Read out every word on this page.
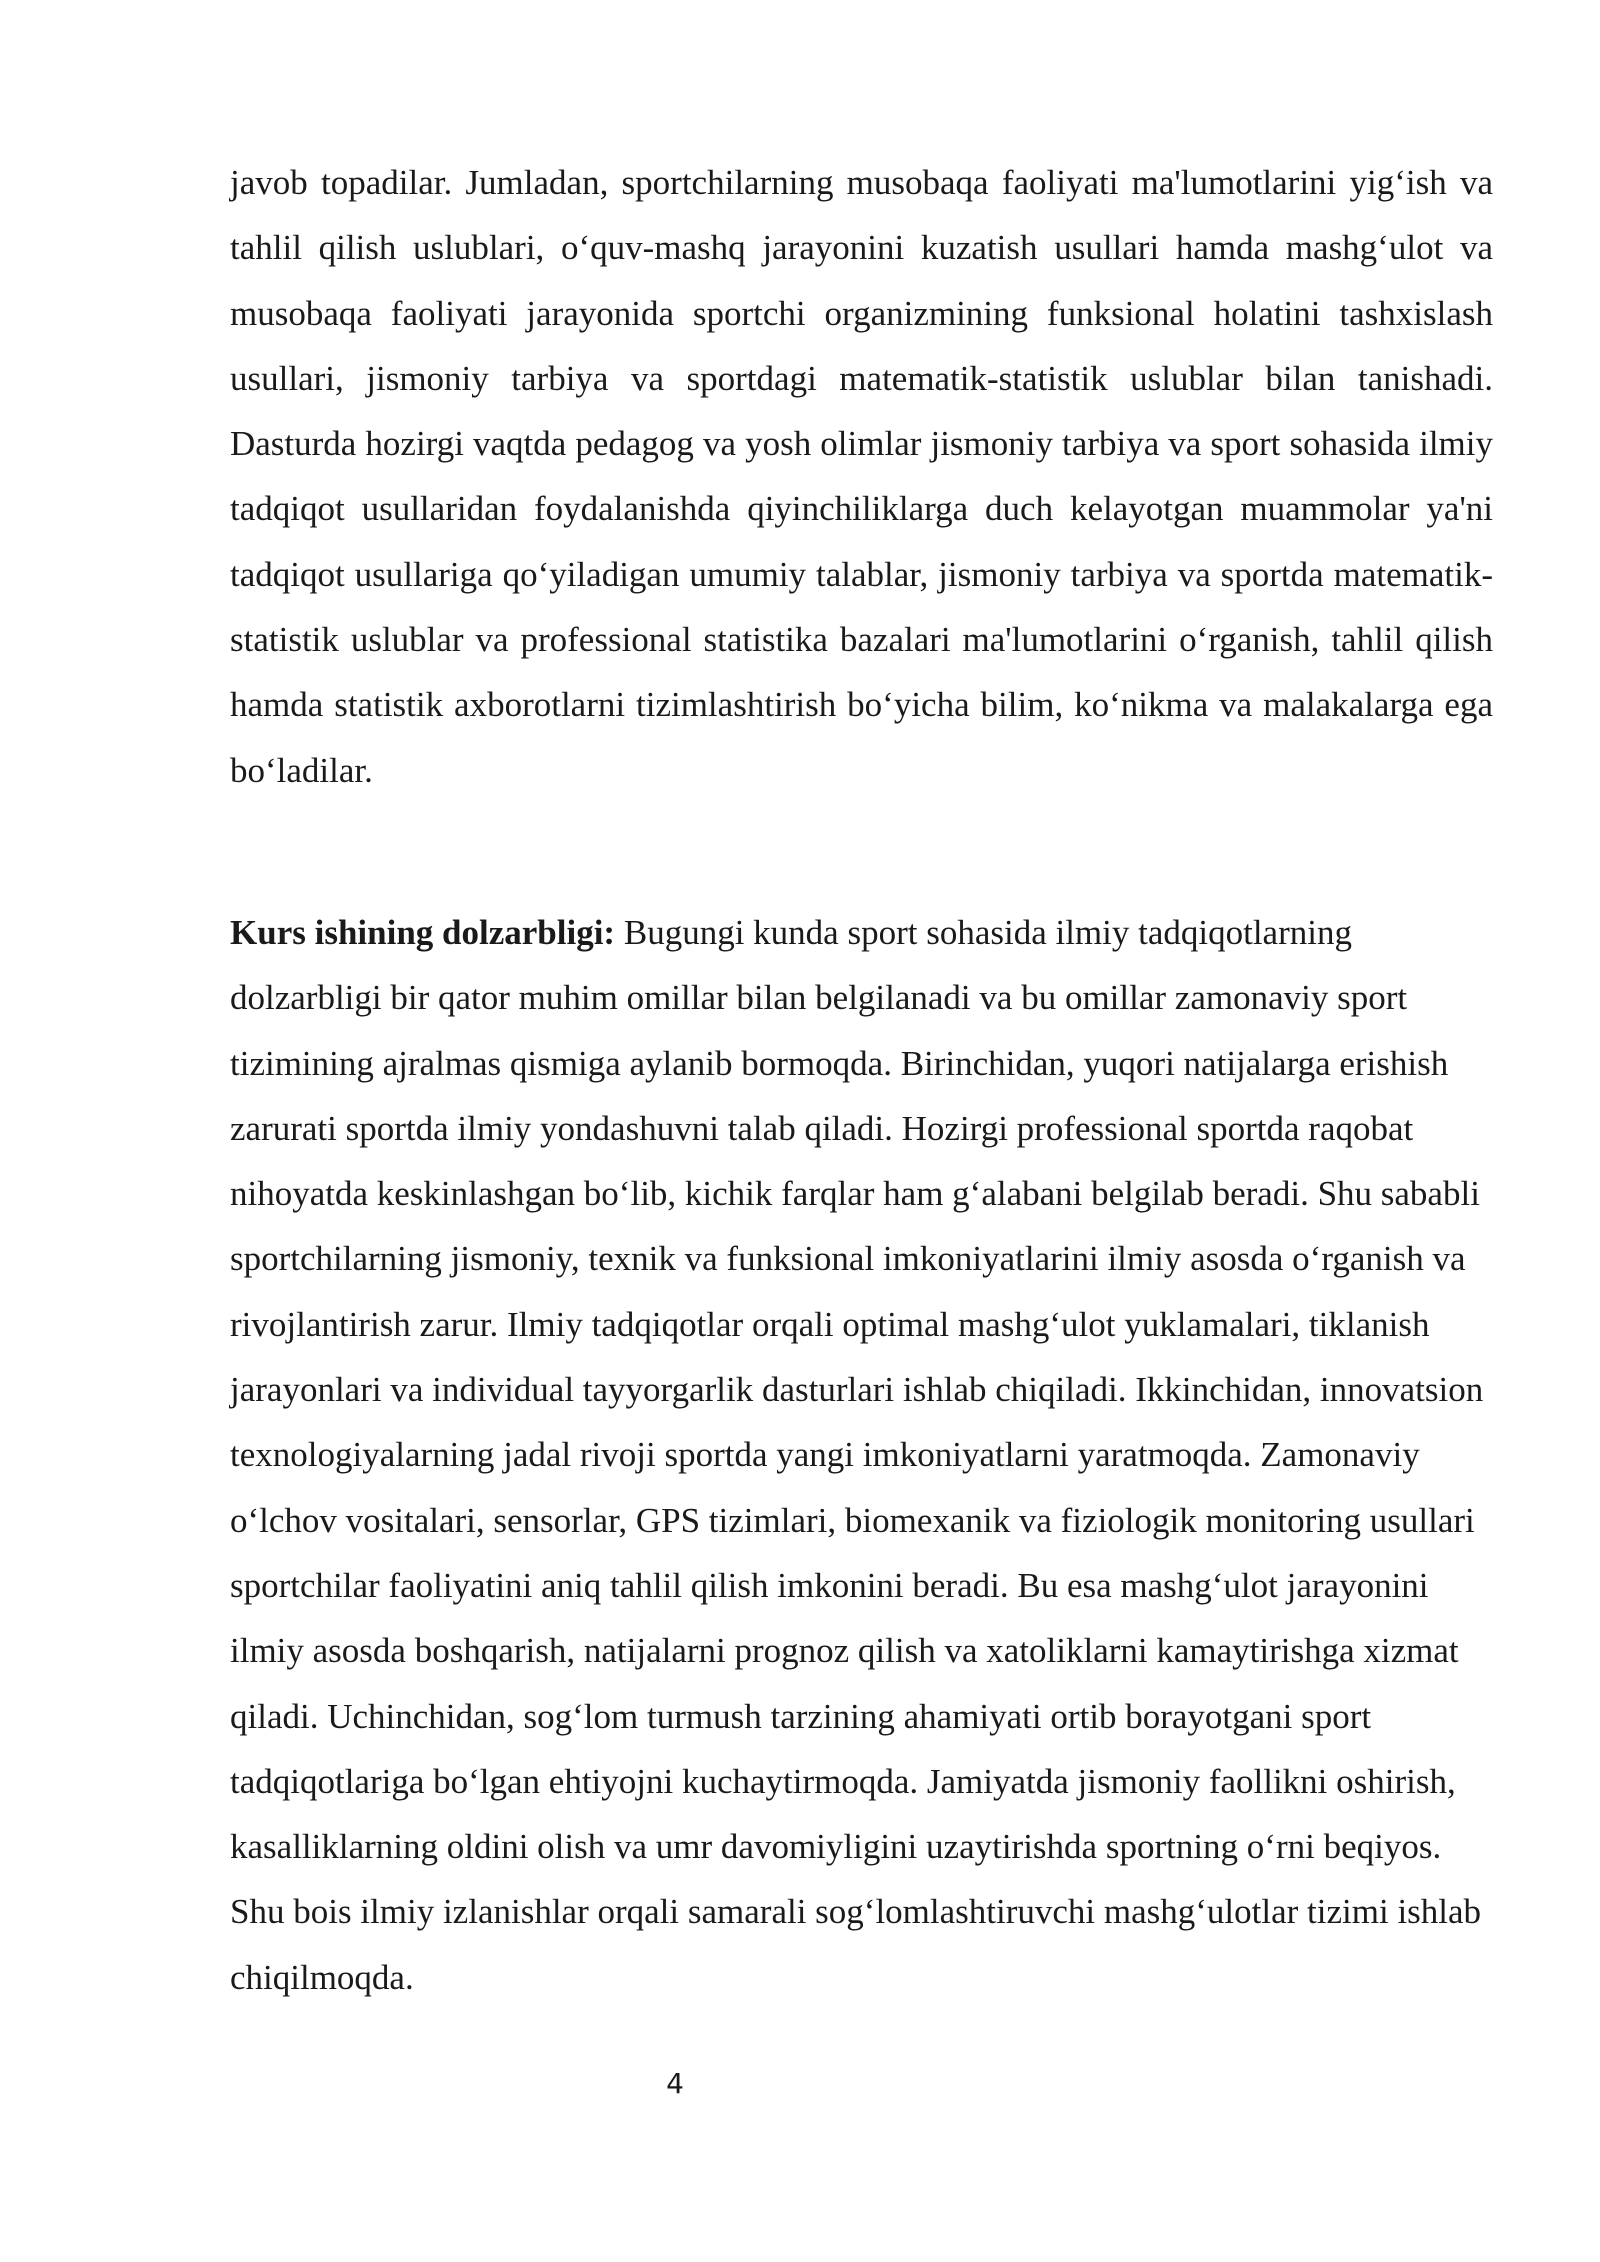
javob topadilar. Jumladan, sportchilarning musobaqa faoliyati ma'lumotlarini yig‘ish va tahlil qilish uslublari, o‘quv-mashq jarayonini kuzatish usullari hamda mashg‘ulot va musobaqa faoliyati jarayonida sportchi organizmining funksional holatini tashxislash usullari, jismoniy tarbiya va sportdagi matematik-statistik uslublar bilan tanishadi. Dasturda hozirgi vaqtda pedagog va yosh olimlar jismoniy tarbiya va sport sohasida ilmiy tadqiqot usullaridan foydalanishda qiyinchiliklarga duch kelayotgan muammolar ya'ni tadqiqot usullariga qo‘yiladigan umumiy talablar, jismoniy tarbiya va sportda matematik-statistik uslublar va professional statistika bazalari ma'lumotlarini o‘rganish, tahlil qilish hamda statistik axborotlarni tizimlashtirish bo‘yicha bilim, ko‘nikma va malakalarga ega bo‘ladilar.

Kurs ishining dolzarbligi: Bugungi kunda sport sohasida ilmiy tadqiqotlarning dolzarbligi bir qator muhim omillar bilan belgilanadi va bu omillar zamonaviy sport tizimining ajralmas qismiga aylanib bormoqda. Birinchidan, yuqori natijalarga erishish zarurati sportda ilmiy yondashuvni talab qiladi. Hozirgi professional sportda raqobat nihoyatda keskinlashgan bo‘lib, kichik farqlar ham g‘alabani belgilab beradi. Shu sababli sportchilarning jismoniy, texnik va funksional imkoniyatlarini ilmiy asosda o‘rganish va rivojlantirish zarur. Ilmiy tadqiqotlar orqali optimal mashg‘ulot yuklamalari, tiklanish jarayonlari va individual tayyorgarlik dasturlari ishlab chiqiladi. Ikkinchidan, innovatsion texnologiyalarning jadal rivoji sportda yangi imkoniyatlarni yaratmoqda. Zamonaviy o‘lchov vositalari, sensorlar, GPS tizimlari, biomexanik va fiziologik monitoring usullari sportchilar faoliyatini aniq tahlil qilish imkonini beradi. Bu esa mashg‘ulot jarayonini ilmiy asosda boshqarish, natijalarni prognoz qilish va xatoliklarni kamaytirishga xizmat qiladi. Uchinchidan, sog‘lom turmush tarzining ahamiyati ortib borayotgani sport tadqiqotlariga bo‘lgan ehtiyojni kuchaytirmoqda. Jamiyatda jismoniy faollikni oshirish, kasalliklarning oldini olish va umr davomiyligini uzaytirishda sportning o‘rni beqiyos. Shu bois ilmiy izlanishlar orqali samarali sog‘lomlashtiruvchi mashg‘ulotlar tizimi ishlab chiqilmoqda.

4
